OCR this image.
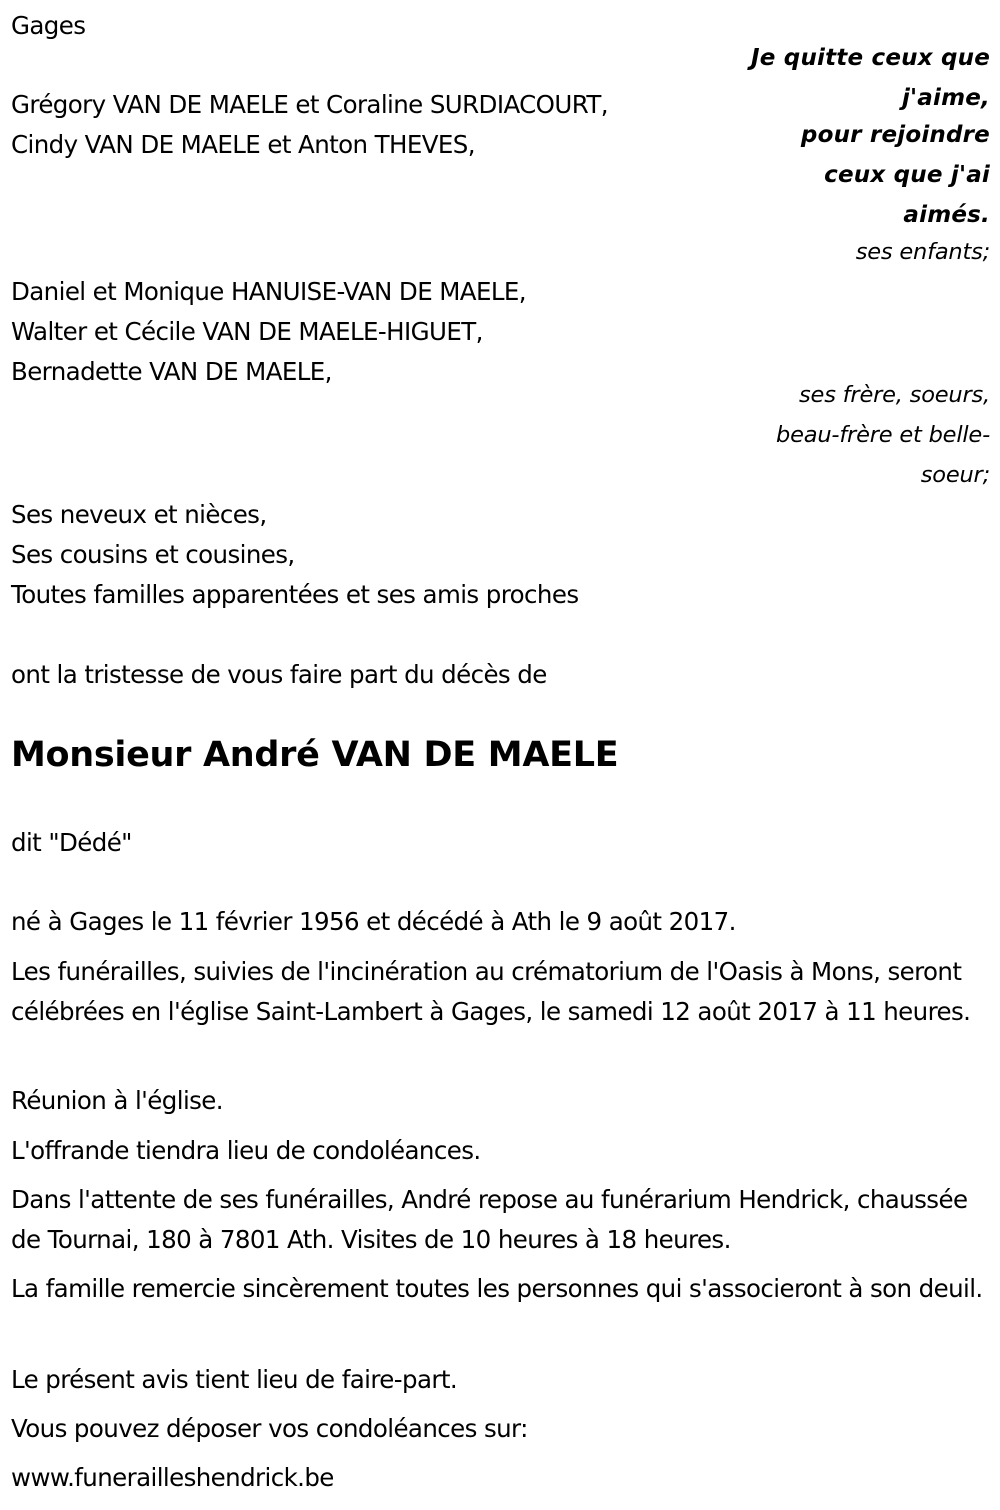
Gages
Je quitte ceux que
j'aime,
pour rejoindre
ceux que j'ai
aimés.
ses enfants;
Grégory VAN DE MAELE et Coraline SURDIACOURT,
Cindy VAN DE MAELE et Anton THEVES,
Daniel et Monique HANUISE-VAN DE MAELE,
Walter et Cécile VAN DE MAELE-HIGUET,
Bernadette VAN DE MAELE,
ses frère, soeurs,
beau-frère et belle-
soeur;
Ses neveux et nièces,
Ses cousins et cousines,
Toutes familles apparentées et ses amis proches
ont la tristesse de vous faire part du décès de
Monsieur André VAN DE MAELE
dit "Dédé"
né à Gages le 11 février 1956 et décédé à Ath le 9 août 2017.
Les funérailles, suivies de l'incinération au crématorium de l'Oasis à Mons, seront célébrées en l'église Saint-Lambert à Gages, le samedi 12 août 2017 à 11 heures.
Réunion à l'église.
L'offrande tiendra lieu de condoléances.
Dans l'attente de ses funérailles, André repose au funérarium Hendrick, chaussée de Tournai, 180 à 7801 Ath. Visites de 10 heures à 18 heures.
La famille remercie sincèrement toutes les personnes qui s'associeront à son deuil.
Le présent avis tient lieu de faire-part.
Vous pouvez déposer vos condoléances sur:
www.funerailleshendrick.be
